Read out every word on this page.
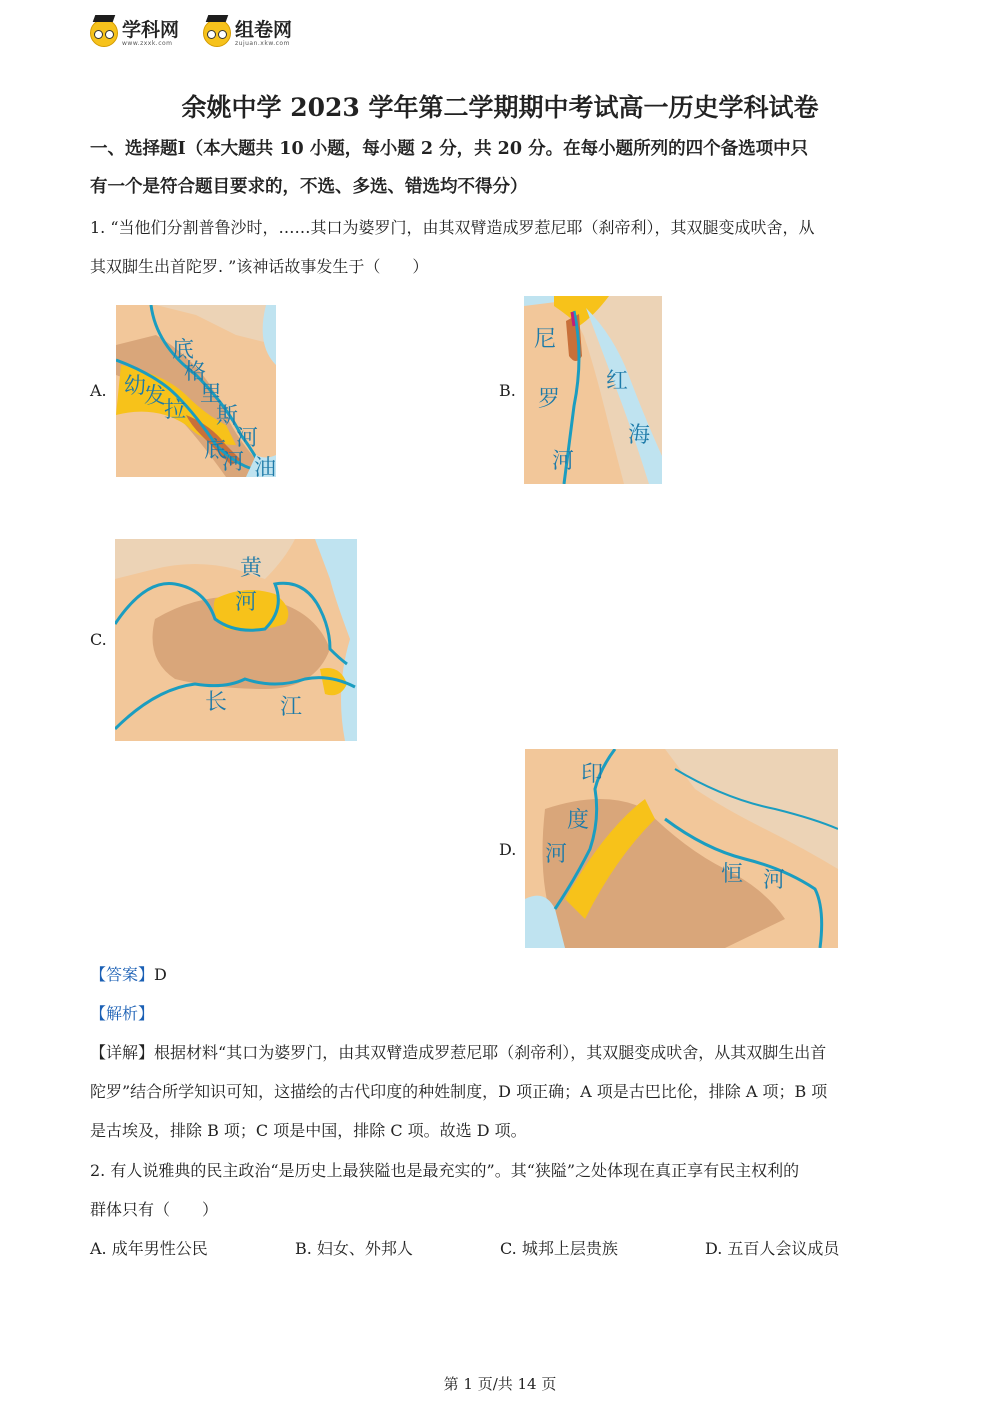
学科网
www.zxxk.com
组卷网
zujuan.xkw.com
余姚中学 2023 学年第二学期期中考试高一历史学科试卷
一、选择题Ⅰ（本大题共 10 小题，每小题 2 分，共 20 分。在每小题所列的四个备选项中只
有一个是符合题目要求的，不选、多选、错选均不得分）
1. “当他们分割普鲁沙时，……其口为婆罗门，由其双臂造成罗惹尼耶（刹帝利），其双腿变成吠舍，从
其双脚生出首陀罗. ”该神话故事发生于（　　）
A. 幼
发
拉
底
格
里
斯
河
底
河 油
B.
尼
罗
河
红
海
C.
黄
河
长 江
D.
印
度
河
恒 河
【答案】D
【解析】
【详解】根据材料“其口为婆罗门，由其双臂造成罗惹尼耶（刹帝利），其双腿变成吠舍，从其双脚生出首
陀罗”结合所学知识可知，这描绘的古代印度的种姓制度，D 项正确；A 项是古巴比伦，排除 A 项；B 项
是古埃及，排除 B 项；C 项是中国，排除 C 项。故选 D 项。
2. 有人说雅典的民主政治“是历史上最狭隘也是最充实的”。其“狭隘”之处体现在真正享有民主权利的
群体只有（　　）
A. 成年男性公民	B. 妇女、外邦人	C. 城邦上层贵族	D. 五百人会议成员
第 1 页/共 14 页
